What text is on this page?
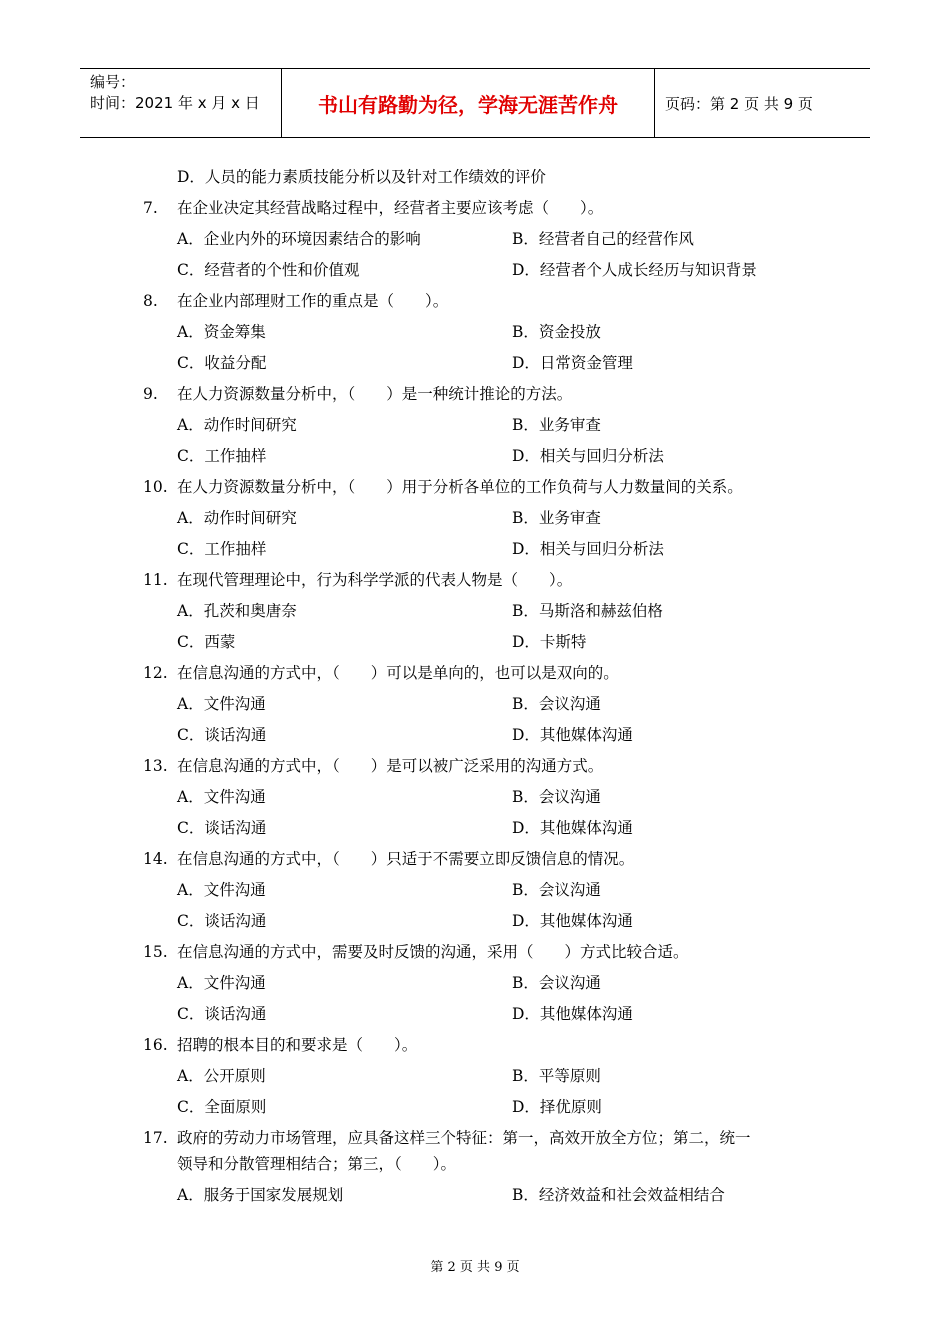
编号：
时间：2021 年 x 月 x 日	书山有路勤为径，学海无涯苦作舟	页码：第 2 页 共 9 页
D．人员的能力素质技能分析以及针对工作绩效的评价
7. 在企业决定其经营战略过程中，经营者主要应该考虑（　　）。
A．企业内外的环境因素结合的影响	B．经营者自己的经营作风
C．经营者的个性和价值观	D．经营者个人成长经历与知识背景
8. 在企业内部理财工作的重点是（　　）。
A．资金筹集	B．资金投放
C．收益分配	D．日常资金管理
9. 在人力资源数量分析中，（　　）是一种统计推论的方法。
A．动作时间研究	B．业务审查
C．工作抽样	D．相关与回归分析法
10. 在人力资源数量分析中，（　　）用于分析各单位的工作负荷与人力数量间的关系。
A．动作时间研究	B．业务审查
C．工作抽样	D．相关与回归分析法
11. 在现代管理理论中，行为科学学派的代表人物是（　　）。
A．孔茨和奥唐奈	B．马斯洛和赫兹伯格
C．西蒙	D．卡斯特
12. 在信息沟通的方式中，（　　）可以是单向的，也可以是双向的。
A．文件沟通	B．会议沟通
C．谈话沟通	D．其他媒体沟通
13. 在信息沟通的方式中，（　　）是可以被广泛采用的沟通方式。
A．文件沟通	B．会议沟通
C．谈话沟通	D．其他媒体沟通
14. 在信息沟通的方式中，（　　）只适于不需要立即反馈信息的情况。
A．文件沟通	B．会议沟通
C．谈话沟通	D．其他媒体沟通
15. 在信息沟通的方式中，需要及时反馈的沟通，采用（　　）方式比较合适。
A．文件沟通	B．会议沟通
C．谈话沟通	D．其他媒体沟通
16. 招聘的根本目的和要求是（　　）。
A．公开原则	B．平等原则
C．全面原则	D．择优原则
17. 政府的劳动力市场管理，应具备这样三个特征：第一，高效开放全方位；第二，统一
领导和分散管理相结合；第三，（　　）。
A．服务于国家发展规划	B．经济效益和社会效益相结合
第 2 页 共 9 页
